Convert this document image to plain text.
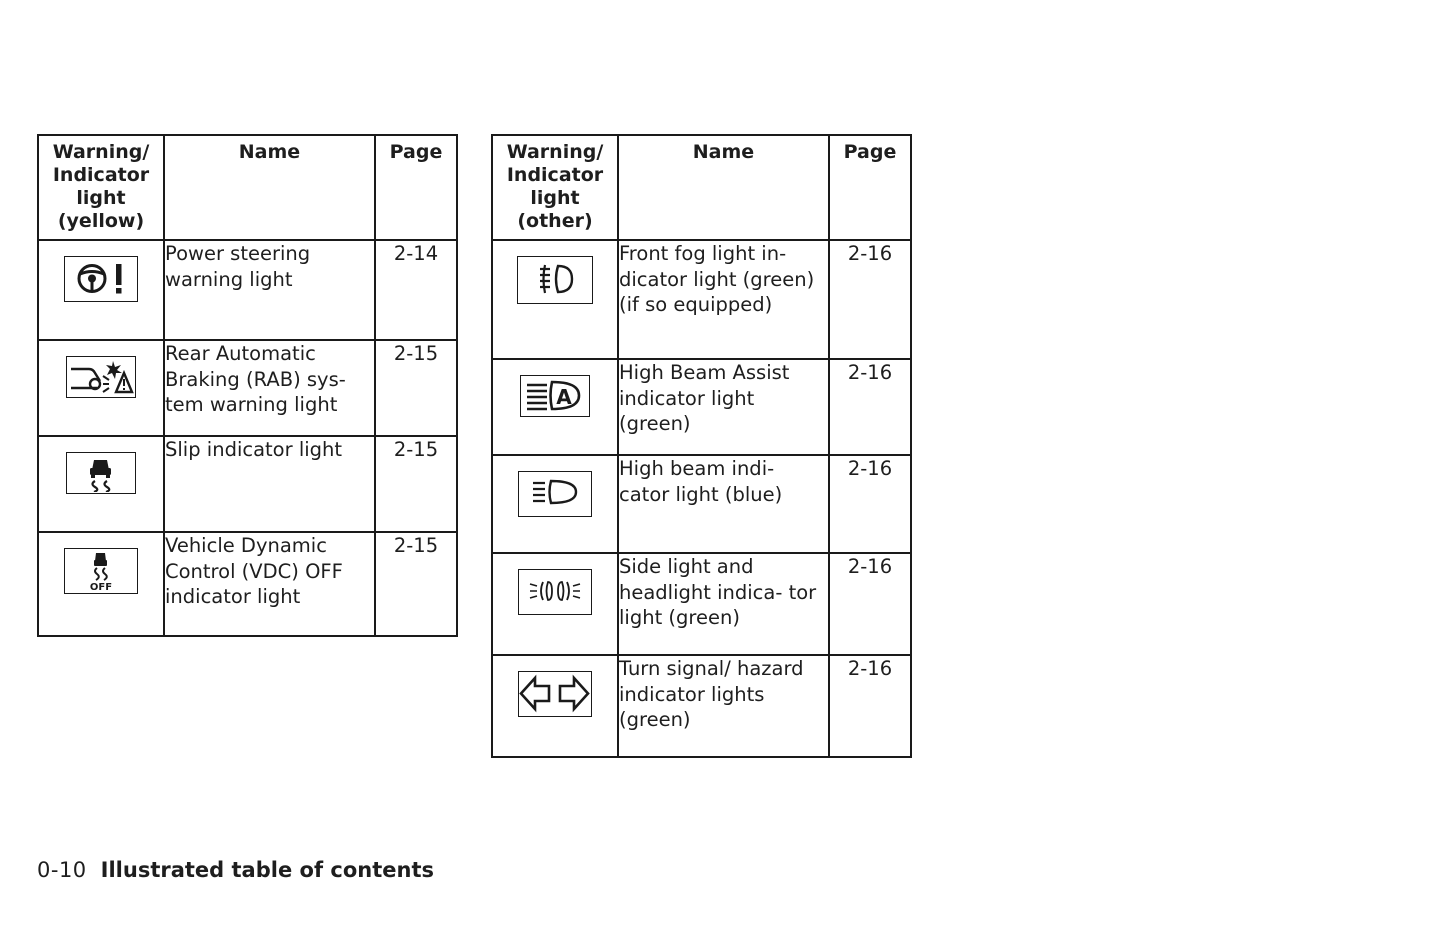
Warning/ Indicator light (yellow)	Name	Page

	Power steering warning light	2-14

	Rear Automatic Braking (RAB) sys- tem warning light	2-15

	Slip indicator light	2-15

OFF	Vehicle Dynamic Control (VDC) OFF indicator light	2-15
Warning/ Indicator light (other)	Name	Page

	Front fog light in- dicator light (green) (if so equipped)	2-16

A	High Beam Assist indicator light (green)	2-16

	High beam indi- cator light (blue)	2-16

	Side light and headlight indica- tor light (green)	2-16

	Turn signal/ hazard indicator lights (green)	2-16
0-10 Illustrated table of contents
